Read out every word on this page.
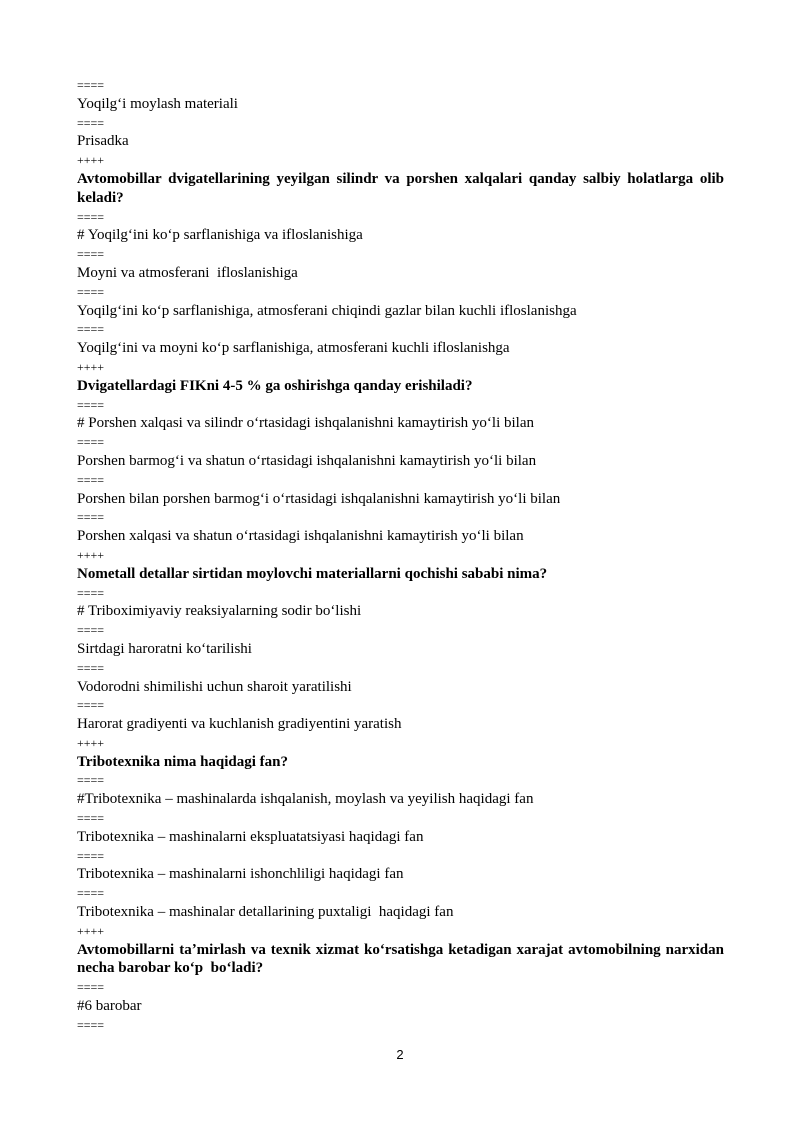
====
Yoqilgʻi moylash materiali
====
Prisadka
++++
Avtomobillar dvigatellarining yeyilgan silindr va porshen xalqalari qanday salbiy holatlarga olib keladi?
====
# Yoqilgʻini koʻp sarflanishiga va ifloslanishiga
====
Moyni va atmosferani  ifloslanishiga
====
Yoqilgʻini koʻp sarflanishiga, atmosferani chiqindi gazlar bilan kuchli ifloslanishga
====
Yoqilgʻini va moyni koʻp sarflanishiga, atmosferani kuchli ifloslanishga
++++
Dvigatellardagi FIKni 4-5 % ga oshirishga qanday erishiladi?
====
# Porshen xalqasi va silindr oʻrtasidagi ishqalanishni kamaytirish yoʻli bilan
====
Porshen barmogʻi va shatun oʻrtasidagi ishqalanishni kamaytirish yoʻli bilan
====
Porshen bilan porshen barmogʻi oʻrtasidagi ishqalanishni kamaytirish yoʻli bilan
====
Porshen xalqasi va shatun oʻrtasidagi ishqalanishni kamaytirish yoʻli bilan
++++
Nometall detallar sirtidan moylovchi materiallarni qochishi sababi nima?
====
# Triboximiyaviy reaksiyalarning sodir boʻlishi
====
Sirtdagi haroratni koʻtarilishi
====
Vodorodni shimilishi uchun sharoit yaratilishi
====
Harorat gradiyenti va kuchlanish gradiyentini yaratish
++++
Tribotexnika nima haqidagi fan?
====
#Tribotexnika – mashinalarda ishqalanish, moylash va yeyilish haqidagi fan
====
Tribotexnika – mashinalarni ekspluatatsiyasi haqidagi fan
====
Tribotexnika – mashinalarni ishonchliligi haqidagi fan
====
Tribotexnika – mashinalar detallarining puxtaligi  haqidagi fan
++++
Avtomobillarni taʼmirlash va texnik xizmat koʻrsatishga ketadigan xarajat avtomobilning narxidan necha barobar koʻp  boʻladi?
====
#6 barobar
====
2
